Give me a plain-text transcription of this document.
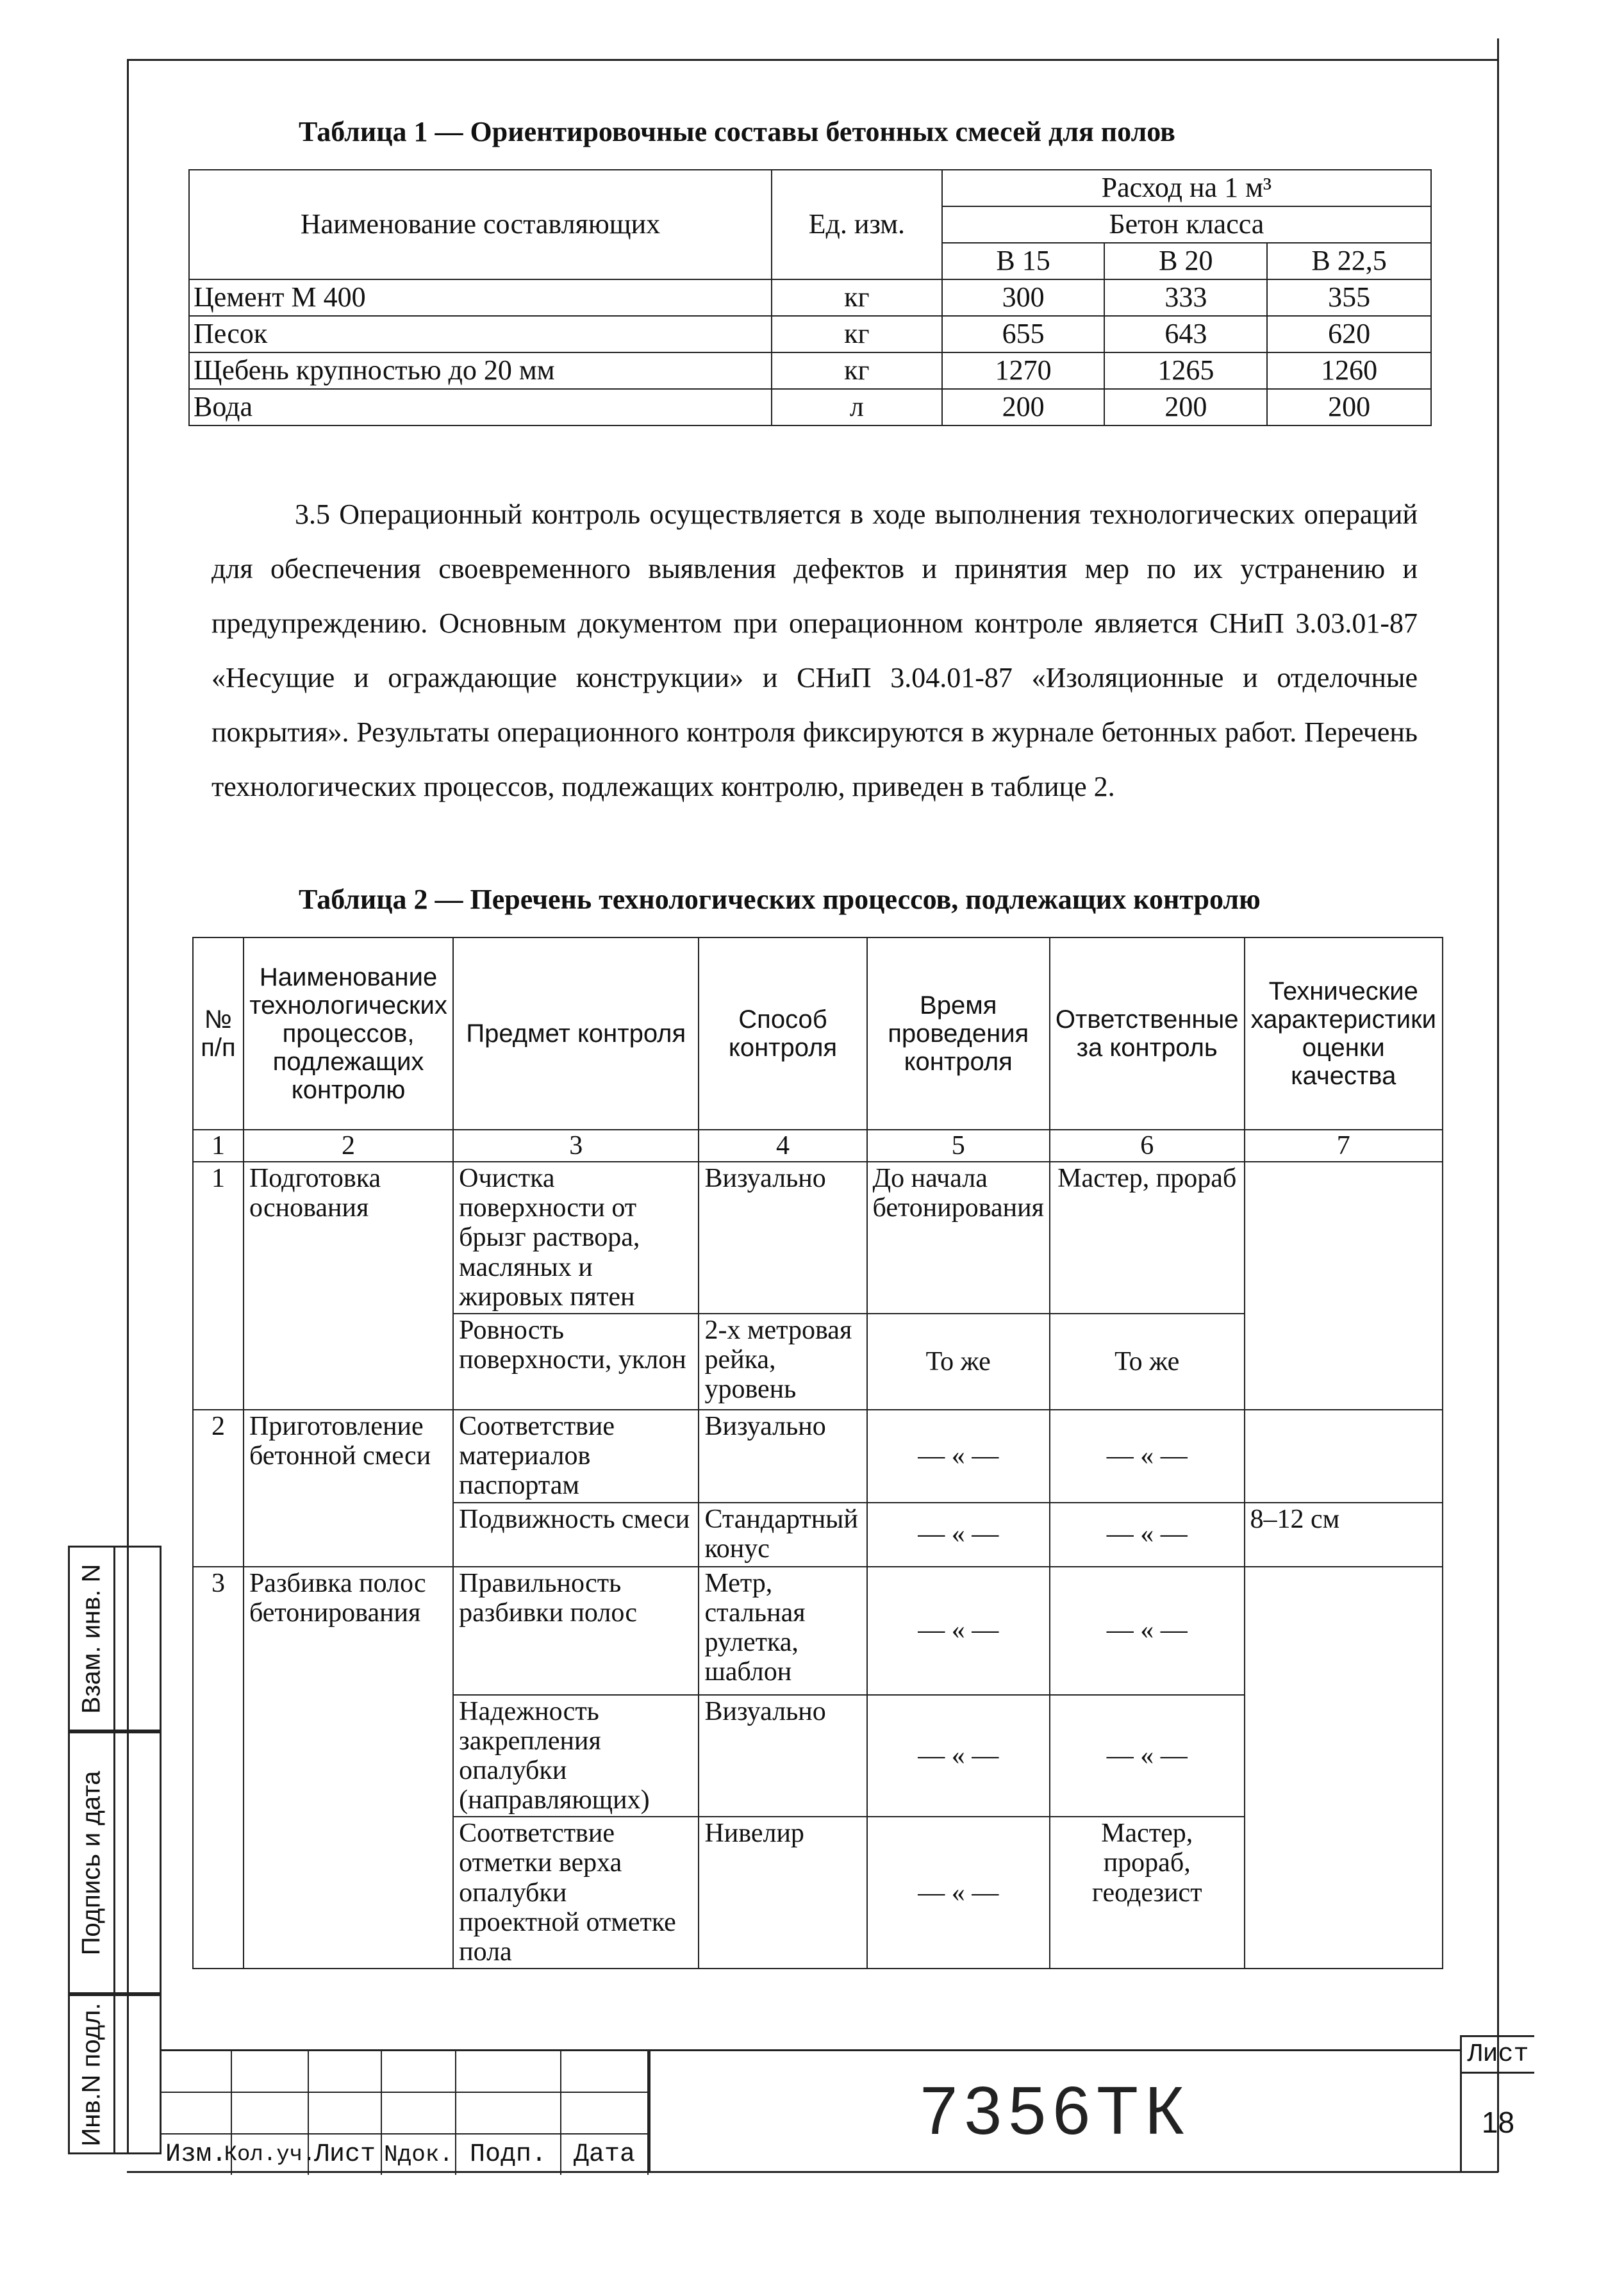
Таблица 1 — Ориентировочные составы бетонных смесей для полов
Наименование составляющих	Ед. изм.	Расход на 1 м³		
		Бетон класса		
		В 15	В 20	В 22,5
Цемент М 400	кг	300	333	355
Песок	кг	655	643	620
Щебень крупностью до 20 мм	кг	1270	1265	1260
Вода	л	200	200	200

3.5 Операционный контроль осуществляется в ходе выполнения технологических операций для обеспечения своевременного выявления дефектов и принятия мер по их устранению и предупреждению. Основным документом при операционном контроле является СНиП 3.03.01-87 «Несущие и ограждающие конструкции» и СНиП 3.04.01-87 «Изоляционные и отделочные покрытия». Результаты операционного контроля фиксируются в журнале бетонных работ. Перечень технологических процессов, подлежащих контролю, приведен в таблице 2.

Таблица 2 — Перечень технологических процессов, подлежащих контролю
№ п/п	Наименование технологических процессов, подлежащих контролю	Предмет контроля	Способ контроля	Время проведения контроля	Ответственные за контроль	Технические характеристики оценки качества
1	2	3	4	5	6	7
1	Подготовка основания	Очистка поверхности от брызг раствора, масляных и жировых пятен	Визуально	До начала бетонирования	Мастер, прораб	
		Ровность поверхности, уклон	2-х метровая рейка, уровень	То же	То же	
2	Приготовление бетонной смеси	Соответствие материалов паспортам	Визуально	— « —	— « —	
		Подвижность смеси	Стандартный конус	— « —	— « —	8–12 см
3	Разбивка полос бетонирования	Правильность разбивки полос	Метр, стальная рулетка, шаблон	— « —	— « —	
		Надежность закрепления опалубки (направляющих)	Визуально	— « —	— « —	
		Соответствие отметки верха опалубки проектной отметке пола	Нивелир	— « —	Мастер, прораб, геодезист	
Взам. инв. N
Подпись и дата
Инв.N подл.
Изм.
Кол.уч.
Лист Nдок. Подп.	Дата
7356ТК
Лист
18
